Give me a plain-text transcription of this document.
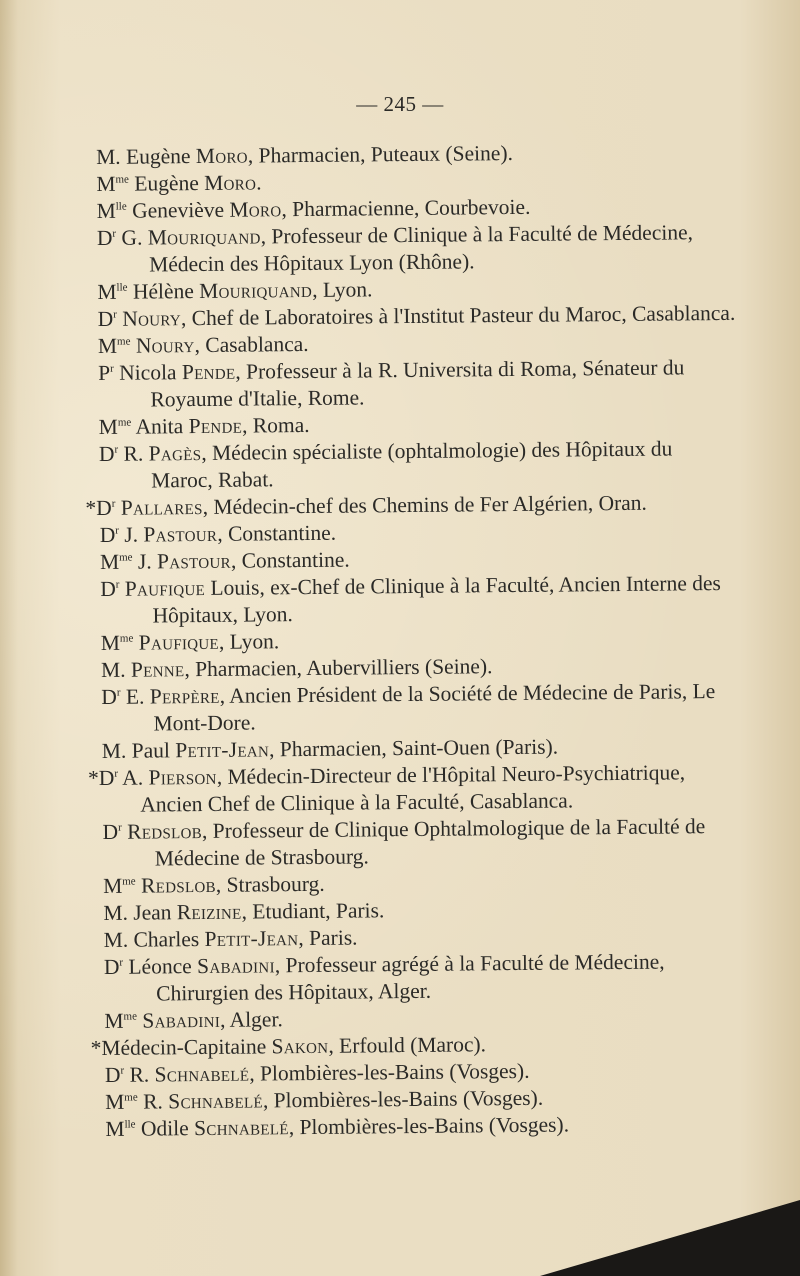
— 245 —

M. Eugène Moro, Pharmacien, Puteaux (Seine).

$M^{me}$ Eugène Moro.

$M^{lle}$ Geneviève Moro, Pharmacienne, Courbevoie.

$D^r$ G. Mouriquand, Professeur de Clinique à la Faculté de Médecine, Médecin des Hôpitaux Lyon (Rhône).

$M^{lle}$ Hélène Mouriquand, Lyon.

$D^r$ Noury, Chef de Laboratoires à l'Institut Pasteur du Maroc, Casablanca.

$M^{me}$ Noury, Casablanca.

$P^r$ Nicola Pende, Professeur à la R. Universita di Roma, Sénateur du Royaume d'Italie, Rome.

$M^{me}$ Anita Pende, Roma.

$D^r$ R. Pagès, Médecin spécialiste (ophtalmologie) des Hôpitaux du Maroc, Rabat.

$*D^r$ Pallares, Médecin-chef des Chemins de Fer Algérien, Oran.

$D^r$ J. Pastour, Constantine.

$M^{me}$ J. Pastour, Constantine.

$D^r$ Paufique Louis, ex-Chef de Clinique à la Faculté, Ancien Interne des Hôpitaux, Lyon.

$M^{me}$ Paufique, Lyon.

M. Penne, Pharmacien, Aubervilliers (Seine).

$D^r$ E. Perpère, Ancien Président de la Société de Médecine de Paris, Le Mont-Dore.

M. Paul Petit-Jean, Pharmacien, Saint-Ouen (Paris).

$*D^r$ A. Pierson, Médecin-Directeur de l'Hôpital Neuro-Psychiatrique, Ancien Chef de Clinique à la Faculté, Casablanca.

$D^r$ Redslob, Professeur de Clinique Ophtalmologique de la Faculté de Médecine de Strasbourg.

$M^{me}$ Redslob, Strasbourg.

M. Jean Reizine, Etudiant, Paris.

M. Charles Petit-Jean, Paris.

$D^r$ Léonce Sabadini, Professeur agrégé à la Faculté de Médecine, Chirurgien des Hôpitaux, Alger.

$M^{me}$ Sabadini, Alger.

*Médecin-Capitaine Sakon, Erfould (Maroc).

$D^r$ R. Schnabelé, Plombières-les-Bains (Vosges).

$M^{me}$ R. Schnabelé, Plombières-les-Bains (Vosges).

$M^{lle}$ Odile Schnabelé, Plombières-les-Bains (Vosges).
